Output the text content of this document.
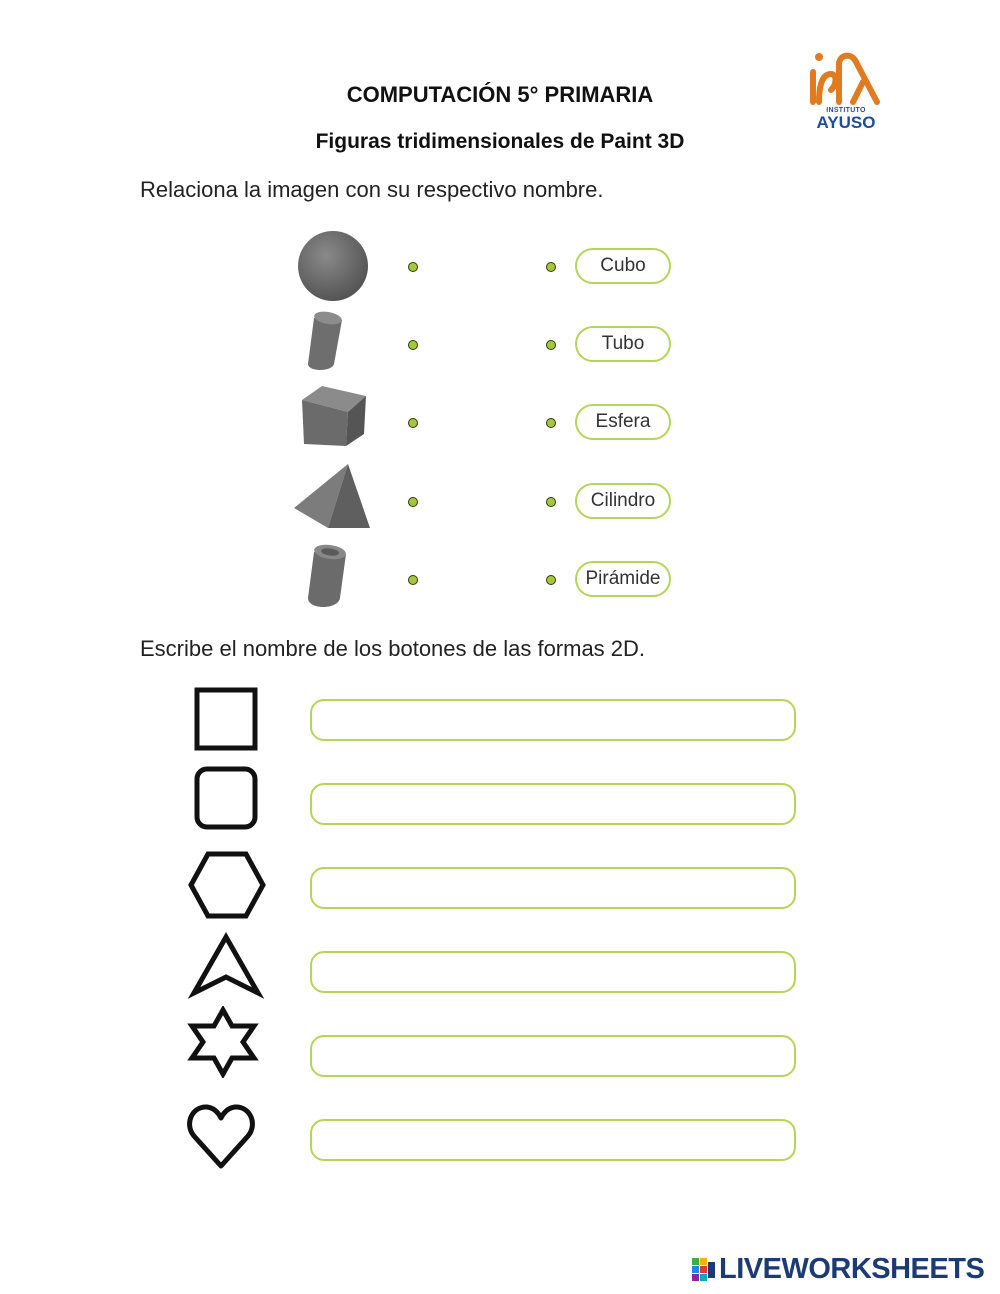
COMPUTACIÓN 5° PRIMARIA
Figuras tridimensionales de Paint 3D
INSTITUTO
AYUSO
Relaciona la imagen con su respectivo nombre.
Cubo
Tubo
Esfera
Cilindro
Pirámide
Escribe el nombre de los botones de las formas 2D.
LIVEWORKSHEETS
